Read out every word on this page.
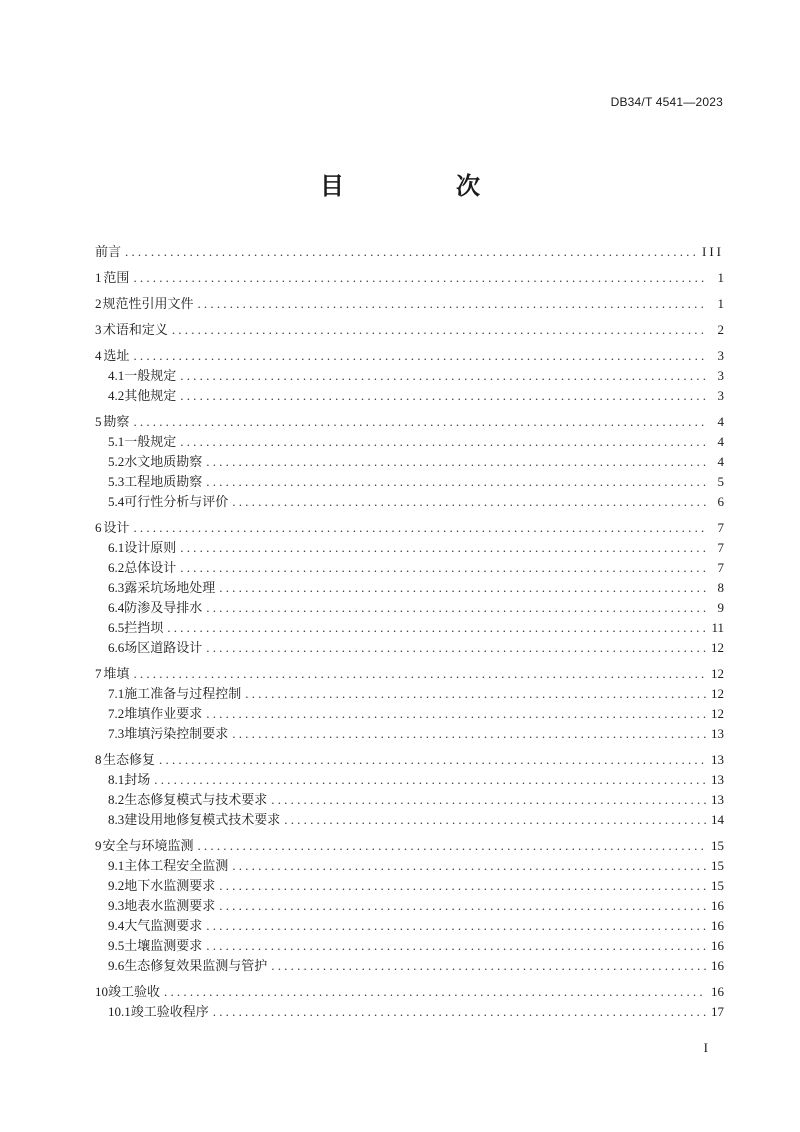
DB34/T 4541—2023
目　次
前言 .....	III
1 范围 .....	1
2 规范性引用文件 .....	1
3 术语和定义 .....	2
4 选址 .....	3
4.1 一般规定 .....	3
4.2 其他规定 .....	3
5 勘察 .....	4
5.1 一般规定 .....	4
5.2 水文地质勘察 .....	4
5.3 工程地质勘察 .....	5
5.4 可行性分析与评价 .....	6
6 设计 .....	7
6.1 设计原则 .....	7
6.2 总体设计 .....	7
6.3 露采坑场地处理 .....	8
6.4 防渗及导排水 .....	9
6.5 拦挡坝 .....	11
6.6 场区道路设计 .....	12
7 堆填 .....	12
7.1 施工准备与过程控制 .....	12
7.2 堆填作业要求 .....	12
7.3 堆填污染控制要求 .....	13
8 生态修复 .....	13
8.1 封场 .....	13
8.2 生态修复模式与技术要求 .....	13
8.3 建设用地修复模式技术要求 .....	14
9 安全与环境监测 .....	15
9.1 主体工程安全监测 .....	15
9.2 地下水监测要求 .....	15
9.3 地表水监测要求 .....	16
9.4 大气监测要求 .....	16
9.5 土壤监测要求 .....	16
9.6 生态修复效果监测与管护 .....	16
10 竣工验收 .....	16
10.1 竣工验收程序 .....	17
I
